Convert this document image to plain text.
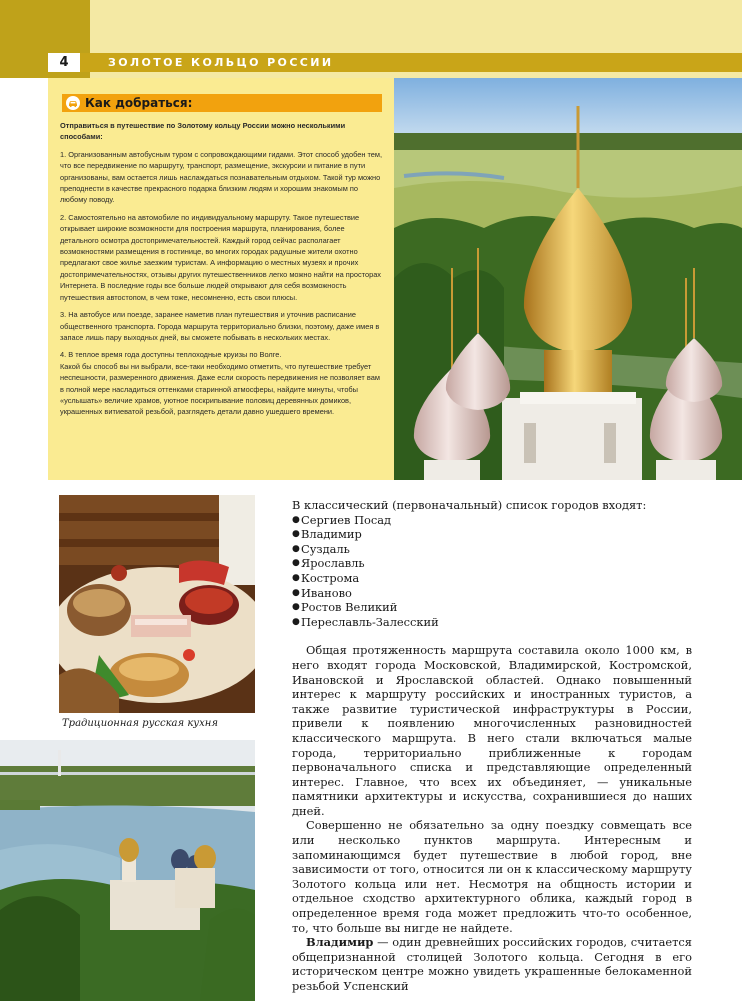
4	ЗОЛОТОЕ КОЛЬЦО РОССИИ
Как добраться:

Отправиться в путешествие по Золотому кольцу России можно несколькими способами:

1. Организованным автобусным туром с сопровождающими гидами. Этот способ удобен тем, что все передвижение по маршруту, транспорт, размещение, экскурсии и питание в пути организованы, вам остается лишь наслаждаться познавательным отдыхом. Такой тур можно преподнести в качестве прекрасного подарка близким людям и хорошим знакомым по любому поводу.

2. Самостоятельно на автомобиле по индивидуальному маршруту. Такое путешествие открывает широкие возможности для построения маршрута, планирования, более детального осмотра достопримечательностей. Каждый город сейчас располагает возможностями размещения в гостинице, во многих городах радушные жители охотно предлагают свое жилье заезжим туристам. А информацию о местных музеях и прочих достопримечательностях, отзывы других путешественников легко можно найти на просторах Интернета. В последние годы все больше людей открывают для себя возможность путешествия автостопом, в чем тоже, несомненно, есть свои плюсы.

3. На автобусе или поезде, заранее наметив план путешествия и уточнив расписание общественного транспорта. Города маршрута территориально близки, поэтому, даже имея в запасе лишь пару выходных дней, вы сможете побывать в нескольких местах.

4. В теплое время года доступны теплоходные круизы по Волге.

Какой бы способ вы ни выбрали, все-таки необходимо отметить, что путешествие требует неспешности, размеренного движения. Даже если скорость передвижения не позволяет вам в полной мере насладиться оттенками старинной атмосферы, найдите минуты, чтобы «услышать» величие храмов, уютное поскрипывание половиц деревянных домиков, украшенных витиеватой резьбой, разглядеть детали давно ушедшего времени.

Традиционная русская кухня

В классический (первоначальный) список городов входят:

● Сергиев Посад
● Владимир
● Суздаль
● Ярославль
● Кострома
● Иваново
● Ростов Великий
● Переславль-Залесский

Общая протяженность маршрута составила около 1000 км, в него входят города Московской, Владимирской, Костромской, Ивановской и Ярославской областей. Однако повышенный интерес к маршруту российских и иностранных туристов, а также развитие туристической инфраструктуры в России, привели к появлению многочисленных разновидностей классического маршрута. В него стали включаться малые города, территориально приближенные к городам первоначального списка и представляющие определенный интерес. Главное, что всех их объединяет, — уникальные памятники архитектуры и искусства, сохранившиеся до наших дней.

Совершенно не обязательно за одну поездку совмещать все или несколько пунктов маршрута. Интересным и запоминающимся будет путешествие в любой город, вне зависимости от того, относится ли он к классическому маршруту Золотого кольца или нет. Несмотря на общность истории и отдельное сходство архитектурного облика, каждый город в определенное время года может предложить что-то особенное, то, что больше вы нигде не найдете.

Владимир — один древнейших российских городов, считается общепризнанной столицей Золотого кольца. Сегодня в его историческом центре можно увидеть украшенные белокаменной резьбой Успенский
